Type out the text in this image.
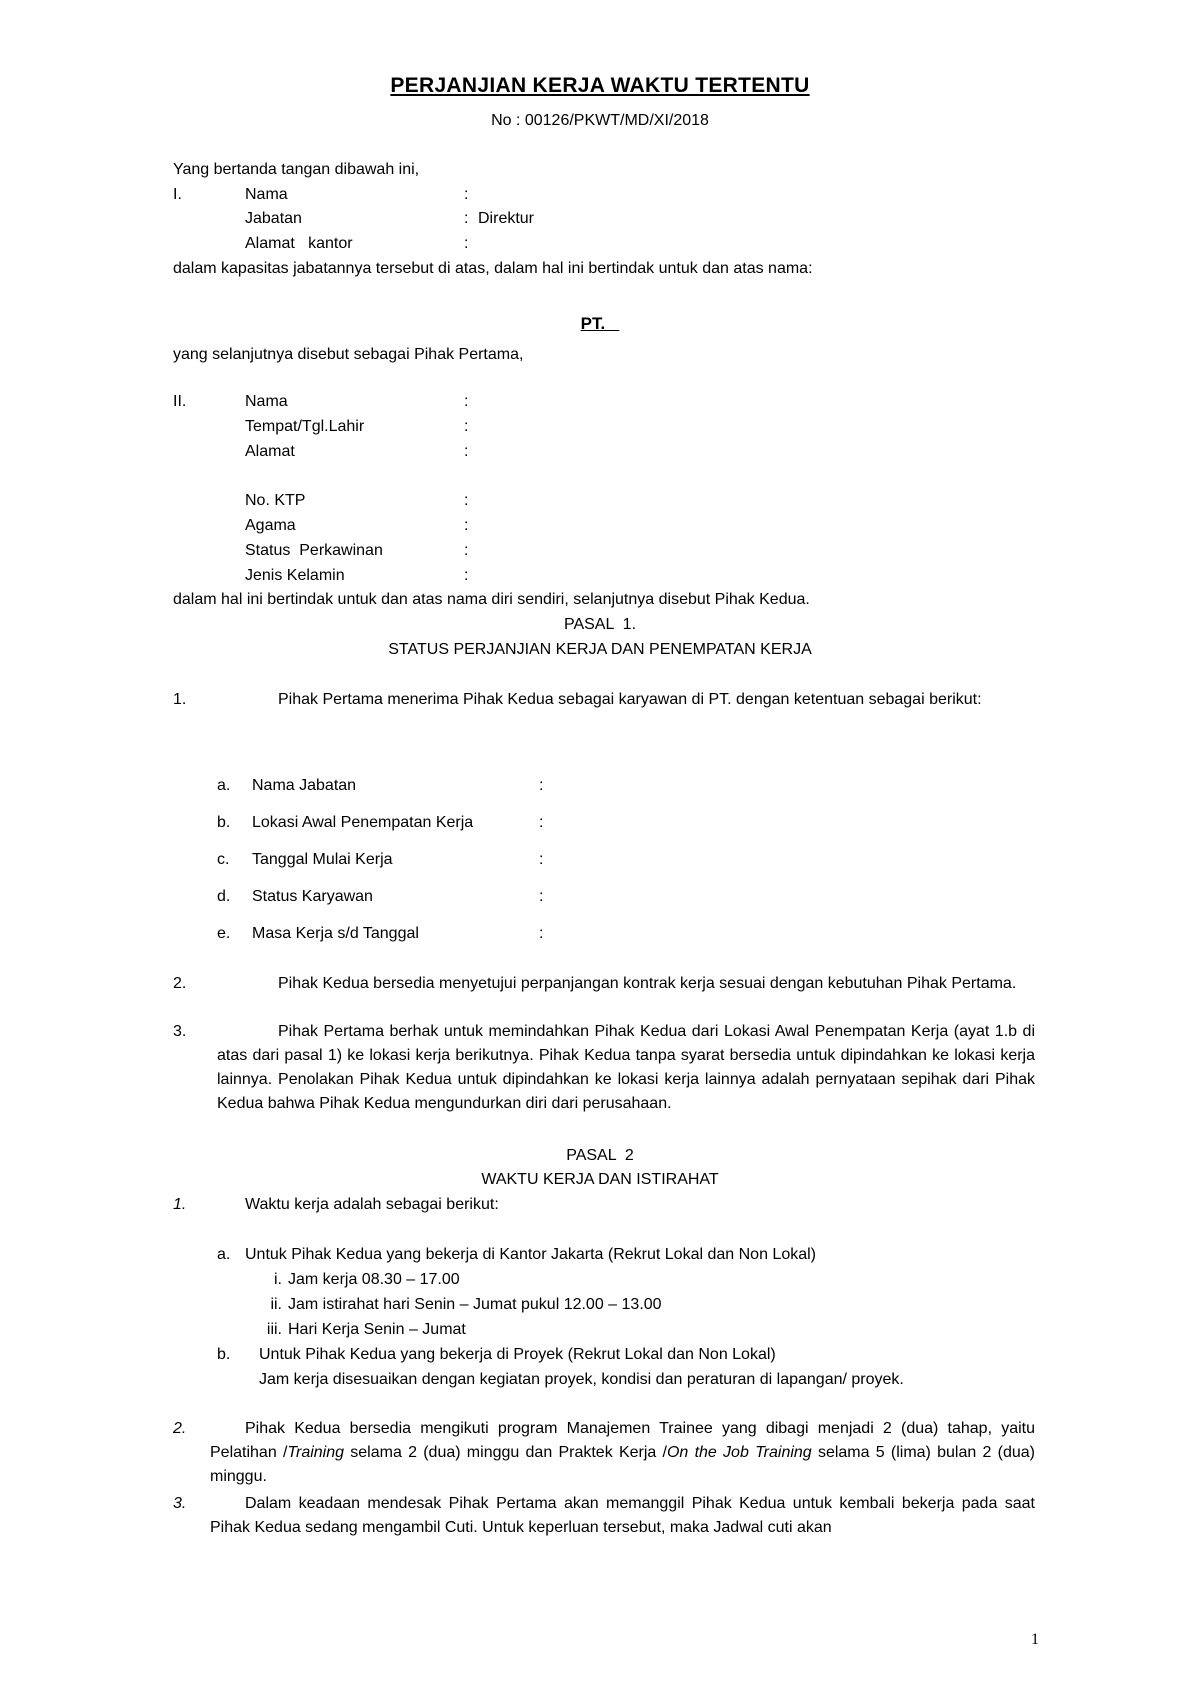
PERJANJIAN KERJA WAKTU TERTENTU
No : 00126/PKWT/MD/XI/2018
Yang bertanda tangan dibawah ini,
I.	Nama	:
Jabatan	: Direktur
Alamat   kantor	:
dalam kapasitas jabatannya tersebut di atas, dalam hal ini bertindak untuk dan atas nama:
PT.
yang selanjutnya disebut sebagai Pihak Pertama,
II.	Nama	:
Tempat/Tgl.Lahir	:
Alamat	:
No. KTP	:
Agama	:
Status  Perkawinan	:
Jenis Kelamin	:
dalam hal ini bertindak untuk dan atas nama diri sendiri, selanjutnya disebut Pihak Kedua.
PASAL  1.
STATUS PERJANJIAN KERJA DAN PENEMPATAN KERJA
1.	Pihak Pertama menerima Pihak Kedua sebagai karyawan di PT. dengan ketentuan sebagai berikut:
a. Nama Jabatan	:
b. Lokasi Awal Penempatan Kerja	:
c. Tanggal Mulai Kerja	:
d. Status Karyawan	:
e. Masa Kerja s/d Tanggal	:
2.	Pihak Kedua bersedia menyetujui perpanjangan kontrak kerja sesuai dengan kebutuhan Pihak Pertama.
3.	Pihak Pertama berhak untuk memindahkan Pihak Kedua dari Lokasi Awal Penempatan Kerja (ayat 1.b di atas dari pasal 1) ke lokasi kerja berikutnya. Pihak Kedua tanpa syarat bersedia untuk dipindahkan ke lokasi kerja lainnya. Penolakan Pihak Kedua untuk dipindahkan ke lokasi kerja lainnya adalah pernyataan sepihak dari Pihak Kedua bahwa Pihak Kedua mengundurkan diri dari perusahaan.
PASAL  2
WAKTU KERJA DAN ISTIRAHAT
1.	Waktu kerja adalah sebagai berikut:
a. Untuk Pihak Kedua yang bekerja di Kantor Jakarta (Rekrut Lokal dan Non Lokal)
i. Jam kerja 08.30 – 17.00
ii. Jam istirahat hari Senin – Jumat pukul 12.00 – 13.00
iii. Hari Kerja Senin – Jumat
b. Untuk Pihak Kedua yang bekerja di Proyek (Rekrut Lokal dan Non Lokal)
Jam kerja disesuaikan dengan kegiatan proyek, kondisi dan peraturan di lapangan/ proyek.
2.	Pihak Kedua bersedia mengikuti program Manajemen Trainee yang dibagi menjadi 2 (dua) tahap, yaitu Pelatihan /Training selama 2 (dua) minggu dan Praktek Kerja /On the Job Training selama 5 (lima) bulan 2 (dua) minggu.
3.	Dalam keadaan mendesak Pihak Pertama akan memanggil Pihak Kedua untuk kembali bekerja pada saat Pihak Kedua sedang mengambil Cuti. Untuk keperluan tersebut, maka Jadwal cuti akan
1
